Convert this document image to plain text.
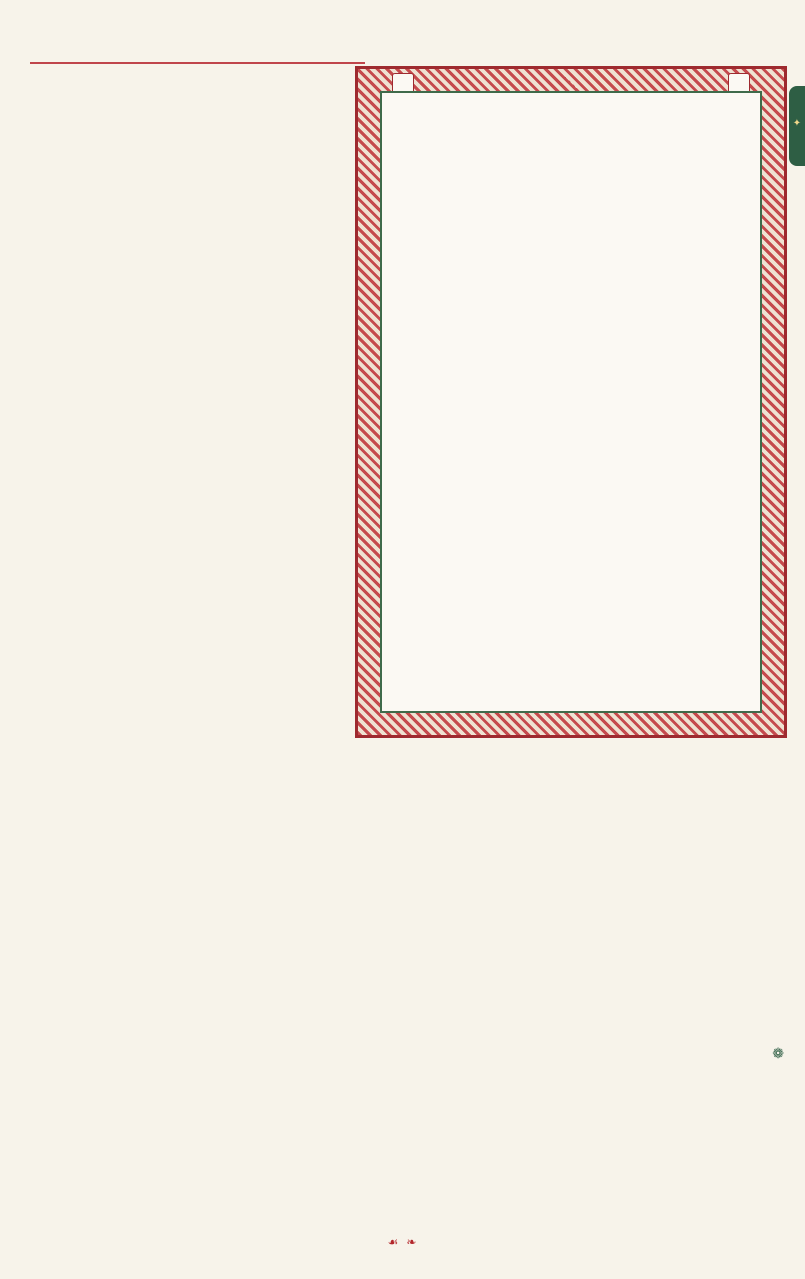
✦
❁
❧☙
